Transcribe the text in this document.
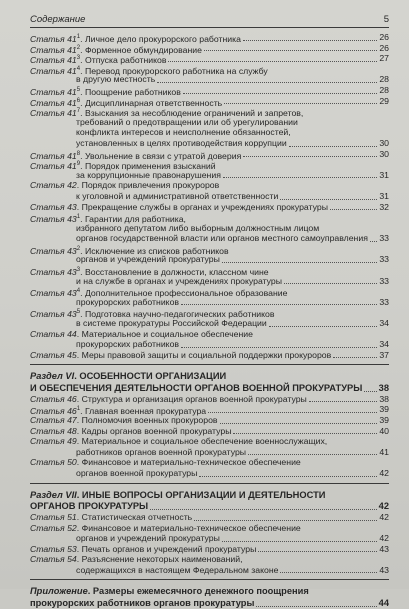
Содержание	5
Статья $41^1$. Личное дело прокурорского работника	26
Статья $41^2$. Форменное обмундирование	26
Статья $41^3$. Отпуска работников	27
Статья $41^4$. Перевод прокурорского работника на службу
в другую местность	28
Статья $41^5$. Поощрение работников	28
Статья $41^6$. Дисциплинарная ответственность	29
Статья $41^7$. Взыскания за несоблюдение ограничений и запретов,
требований о предотвращении или об урегулировании
конфликта интересов и неисполнение обязанностей,
установленных в целях противодействия коррупции	30
Статья $41^8$. Увольнение в связи с утратой доверия	30
Статья $41^9$. Порядок применения взысканий
за коррупционные правонарушения	31
Статья 42. Порядок привлечения прокуроров
к уголовной и административной ответственности	31
Статья 43. Прекращение службы в органах и учреждениях прокуратуры	32
Статья $43^1$. Гарантии для работника,
избранного депутатом либо выборным должностным лицом
органов государственной власти или органов местного самоуправления 33
Статья $43^2$. Исключение из списков работников
органов и учреждений прокуратуры	33
Статья $43^3$. Восстановление в должности, классном чине
и на службе в органах и учреждениях прокуратуры	33
Статья $43^4$. Дополнительное профессиональное образование
прокурорских работников	33
Статья $43^5$. Подготовка научно-педагогических работников
в системе прокуратуры Российской Федерации	34
Статья 44. Материальное и социальное обеспечение
прокурорских работников	34
Статья 45. Меры правовой защиты и социальной поддержки прокуроров	37
Раздел VI. ОСОБЕННОСТИ ОРГАНИЗАЦИИ
И ОБЕСПЕЧЕНИЯ ДЕЯТЕЛЬНОСТИ ОРГАНОВ ВОЕННОЙ ПРОКУРАТУРЫ 38
Статья 46. Структура и организация органов военной прокуратуры	38
Статья $46^1$. Главная военная прокуратура	39
Статья 47. Полномочия военных прокуроров	39
Статья 48. Кадры органов военной прокуратуры	40
Статья 49. Материальное и социальное обеспечение военнослужащих,
работников органов военной прокуратуры	41
Статья 50. Финансовое и материально-техническое обеспечение
органов военной прокуратуры	42
Раздел VII. ИНЫЕ ВОПРОСЫ ОРГАНИЗАЦИИ И ДЕЯТЕЛЬНОСТИ
ОРГАНОВ ПРОКУРАТУРЫ	42
Статья 51. Статистическая отчетность	42
Статья 52. Финансовое и материально-техническое обеспечение
органов и учреждений прокуратуры	42
Статья 53. Печать органов и учреждений прокуратуры	43
Статья 54. Разъяснение некоторых наименований,
содержащихся в настоящем Федеральном законе	43
Приложение. Размеры ежемесячного денежного поощрения
прокурорских работников органов прокуратуры	44
